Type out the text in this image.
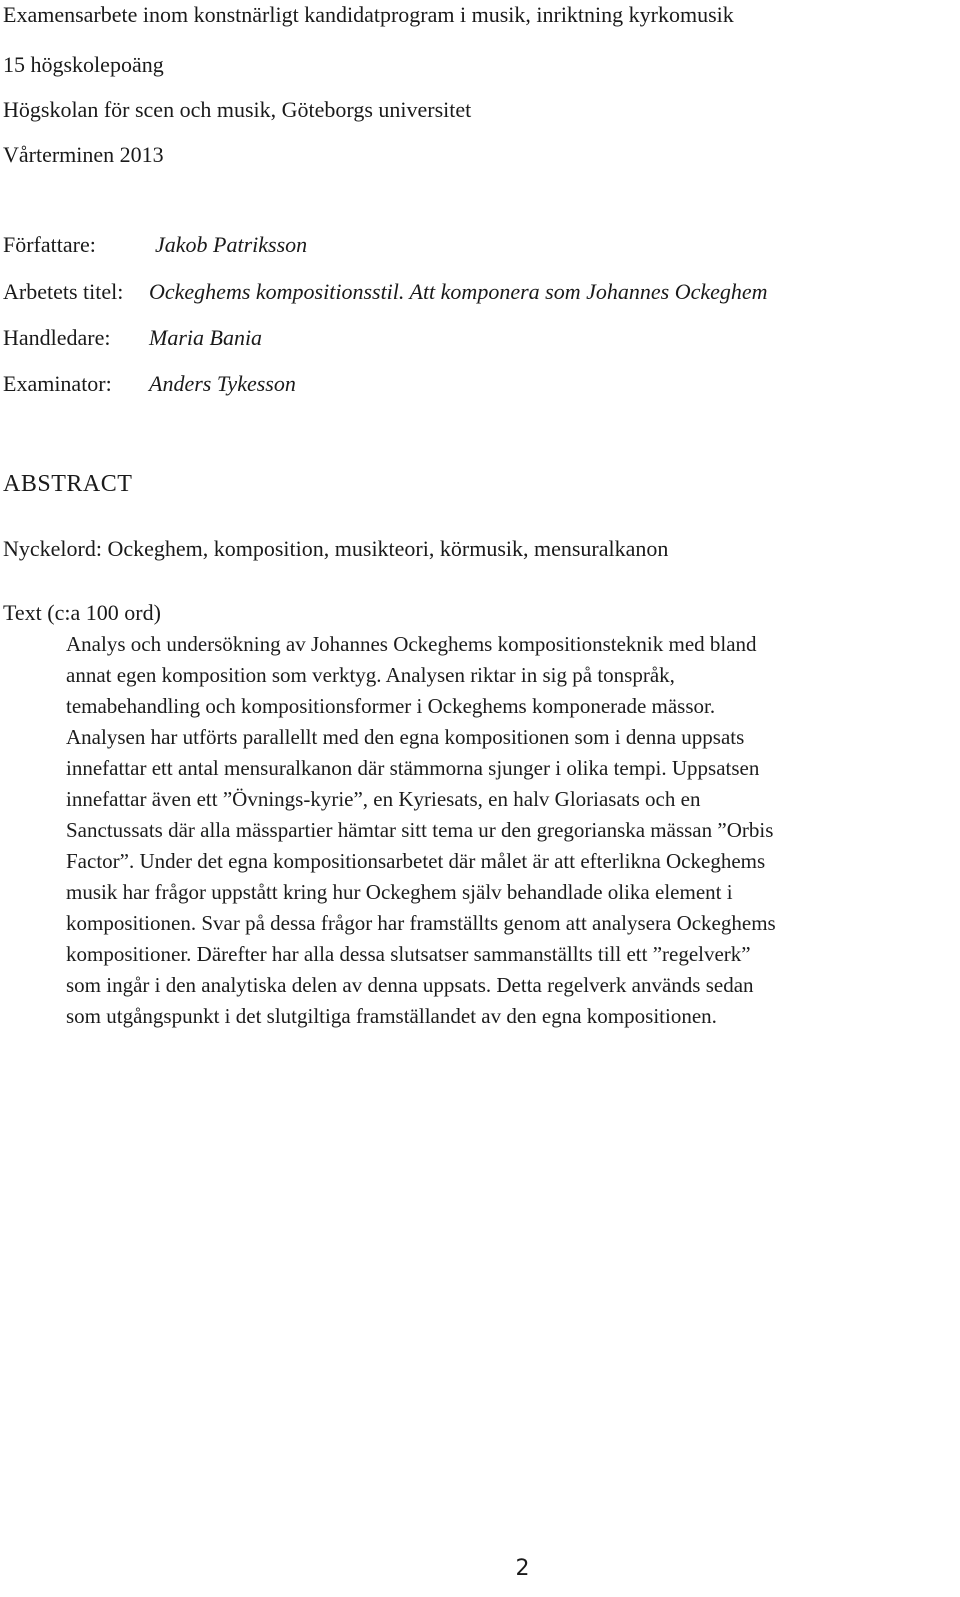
Examensarbete inom konstnärligt kandidatprogram i musik, inriktning kyrkomusik
15 högskolepoäng
Högskolan för scen och musik, Göteborgs universitet
Vårterminen 2013
Författare:	Jakob Patriksson
Arbetets titel: Ockeghems kompositionsstil. Att komponera som Johannes Ockeghem
Handledare: Maria Bania
Examinator: Anders Tykesson
ABSTRACT
Nyckelord: Ockeghem, komposition, musikteori, körmusik, mensuralkanon
Text (c:a 100 ord)
Analys och undersökning av Johannes Ockeghems kompositionsteknik med bland
annat egen komposition som verktyg. Analysen riktar in sig på tonspråk,
temabehandling och kompositionsformer i Ockeghems komponerade mässor.
Analysen har utförts parallellt med den egna kompositionen som i denna uppsats
innefattar ett antal mensuralkanon där stämmorna sjunger i olika tempi. Uppsatsen
innefattar även ett ”Övnings-kyrie”, en Kyriesats, en halv Gloriasats och en
Sanctussats där alla mässpartier hämtar sitt tema ur den gregorianska mässan ”Orbis
Factor”. Under det egna kompositionsarbetet där målet är att efterlikna Ockeghems
musik har frågor uppstått kring hur Ockeghem själv behandlade olika element i
kompositionen. Svar på dessa frågor har framställts genom att analysera Ockeghems
kompositioner. Därefter har alla dessa slutsatser sammanställts till ett ”regelverk”
som ingår i den analytiska delen av denna uppsats. Detta regelverk används sedan
som utgångspunkt i det slutgiltiga framställandet av den egna kompositionen.
2
